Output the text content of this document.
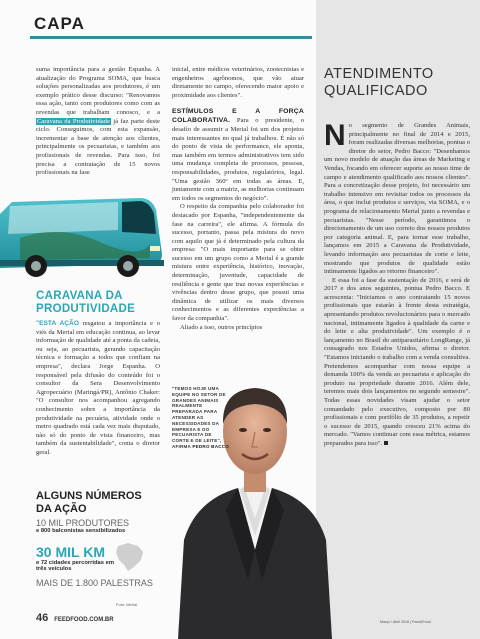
CAPA

suma importância para a gestão Espanha. A atualização do Programa SOMA, que busca soluções personalizadas aos produtores, é um exemplo prático desse discurso: "Renovamos essa ação, tanto com produtores como com as revendas que trabalham conosco, e a Caravana da Produtividade já faz parte deste ciclo. Conseguimos, com esta expansão, incrementar a base de atenção aos clientes, principalmente os pecuaristas, e também aos profissionais de revendas. Para isso, foi precisa a contratação de 15 novos profissionais na fase

CARAVANA DA PRODUTIVIDADE

"ESTA AÇÃO resgatou a importância e o viés da Merial em educação continua, ao levar informação de qualidade até a ponta da cadeia, ou seja, ao pecuarista, gerando capacitação técnica e formação a todos que confiam na empresa", declara Jorge Espanha. O responsável pela difusão do conteúdo foi o consultor da Sera Desenvolvimento Agropecuário (Maringá/PR), Antônio Chaker: "O consultor nos acompanhou agregando conhecimento sobre a importância da produtividade na pecuária, atividade onde o metro quadrado está cada vez mais disputado, não só do ponto de vista financeiro, mas também da sustentabilidade", conta o diretor geral.

ALGUNS NÚMEROS DA AÇÃO
10 MIL PRODUTORES
e 800 balconistas sensibilizados
30 MIL KM
e 72 cidades percorridas em três veículos
MAIS DE 1.800 PALESTRAS
Foto: Merial

inicial, entre médicos veterinários, zootecnistas e engenheiros agrônomos, que vão atuar diretamente no campo, oferecendo maior apoio e proximidade aos clientes".

ESTÍMULOS E A FORÇA COLABORATIVA. Para o presidente, o desafio de assumir a Merial foi um dos projetos mais interessantes no qual já trabalhou. É não só do ponto de vista de performance, ele aponta, mas também em termos administrativos tem sido uma mudança completa de processos, pessoas, responsabilidades, produtos, regulatórios, legal. "Uma gestão 360º em todas as áreas. E, juntamente com a matriz, as melhorias continuam em todos os segmentos do negócio".

O respeito da companhia pelo colaborador foi destacado por Espanha, "independentemente da fase na carreira", ele afirma. A fórmula do sucesso, portanto, passa pela mistura do novo com aquilo que já é determinado pela cultura da empresa: "O mais importante para se obter sucesso em um grupo como a Merial é a grande mistura entre experiência, histórico, inovação, determinação, juventude, capacidade de resiliência e gente que traz novas experiências e vivências dentro desse grupo, que possui uma dinâmica de utilizar os mais diversos conhecimentos e as diferentes experiências a favor da companhia".

Aliado a isso, outros princípios

"TEMOS HOJE UMA EQUIPE NO SETOR DE GRANDES ANIMAIS REALMENTE PREPARADA PARA ATENDER AS NECESSIDADES DA EMPRESA E DO PECUARISTA DE CORTE E DE LEITE", AFIRMA PEDRO BACCO
ATENDIMENTO QUALIFICADO

No segmento de Grandes Animais, principalmente no final de 2014 e 2015, foram realizadas diversas melhorias, pontua o diretor do setor, Pedro Bacco: "Desenhamos um novo modelo de atuação das áreas de Marketing e Vendas, focando em oferecer suporte ao nosso time de campo e atendimento qualificado aos nossos clientes". Para a concretização desse projeto, foi necessário um trabalho intensivo em revisitar todos os processos da área, o que inclui produtos e serviços, via SOMA, e o programa de relacionamento Merial junto a revendas e pecuaristas. "Nesse período, garantimos o direcionamento de um uso correto dos nossos produtos por categoria animal. E, para tornar esse trabalho, lançamos em 2015 a Caravana da Produtividade, levando informação aos pecuaristas de corte e leite, mostrando que produtos de qualidade estão intimamente ligados ao retorno financeiro".

E essa foi a fase da sustentação de 2016, e será de 2017 e dos anos seguintes, pontua Pedro Bacco. E acrescenta: "Iniciamos o ano contratando 15 novos profissionais que estarão à frente desta estratégia, apresentando produtos revolucionários para o mercado nacional, intimamente ligados à qualidade da carne e do leite e alta produtividade". Um exemplo é o lançamento no Brasil do antiparasitário LongRange, já consagrado nos Estados Unidos, afirma o diretor. "Estamos iniciando o trabalho com a venda consultiva. Pretendemos acompanhar com nossa equipe a demanda 100% da venda ao pecuarista e aplicação do produto na propriedade durante 2016. Além dele, teremos mais dois lançamentos no segundo semestre". Todas essas novidades visam ajudar o setor comandado pelo executivo, composto por 80 profissionais e com portfólio de 35 produtos, a repetir o sucesso de 2015, quando cresceu 21% acima do mercado. "Vamos continuar com essa métrica, estamos preparados para isso".

46 FEEDFOOD.COM.BR	Março / Abril 2016 | Feed&Food
